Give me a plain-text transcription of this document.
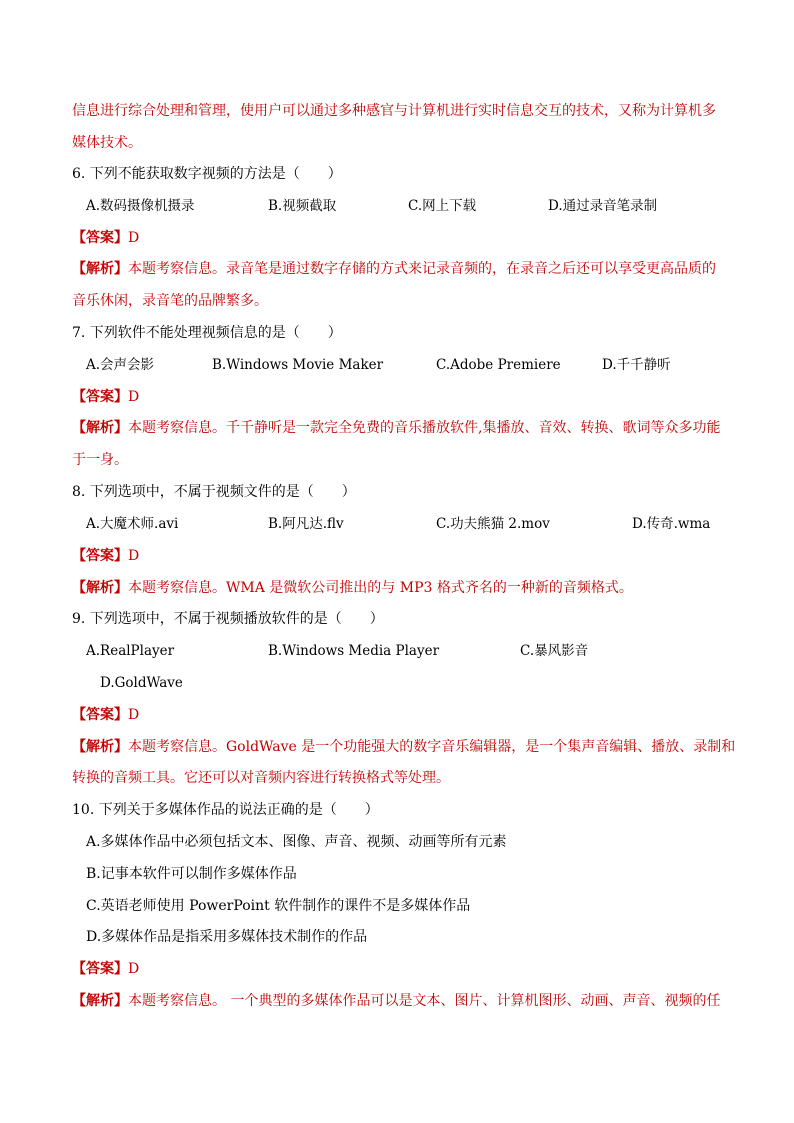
信息进行综合处理和管理，使用户可以通过多种感官与计算机进行实时信息交互的技术，又称为计算机多
媒体技术。
6. 下列不能获取数字视频的方法是（　　）
A.数码摄像机摄录	B.视频截取	C.网上下载	D.通过录音笔录制
【答案】D
【解析】本题考察信息。录音笔是通过数字存储的方式来记录音频的，在录音之后还可以享受更高品质的
音乐休闲，录音笔的品牌繁多。
7. 下列软件不能处理视频信息的是（　　）
A.会声会影	B.Windows Movie Maker	C.Adobe Premiere	D.千千静听
【答案】D
【解析】本题考察信息。千千静听是一款完全免费的音乐播放软件,集播放、音效、转换、歌词等众多功能
于一身。
8. 下列选项中，不属于视频文件的是（　　）
A.大魔术师.avi	B.阿凡达.flv	C.功夫熊猫 2.mov	D.传奇.wma
【答案】D
【解析】本题考察信息。WMA 是微软公司推出的与 MP3 格式齐名的一种新的音频格式。
9. 下列选项中，不属于视频播放软件的是（　　）
A.RealPlayer	B.Windows Media Player	C.暴风影音
D.GoldWave
【答案】D
【解析】本题考察信息。GoldWave 是一个功能强大的数字音乐编辑器，是一个集声音编辑、播放、录制和
转换的音频工具。它还可以对音频内容进行转换格式等处理。
10. 下列关于多媒体作品的说法正确的是（　　）
A.多媒体作品中必须包括文本、图像、声音、视频、动画等所有元素
B.记事本软件可以制作多媒体作品
C.英语老师使用 PowerPoint 软件制作的课件不是多媒体作品
D.多媒体作品是指采用多媒体技术制作的作品
【答案】D
【解析】本题考察信息。 一个典型的多媒体作品可以是文本、图片、计算机图形、动画、声音、视频的任
